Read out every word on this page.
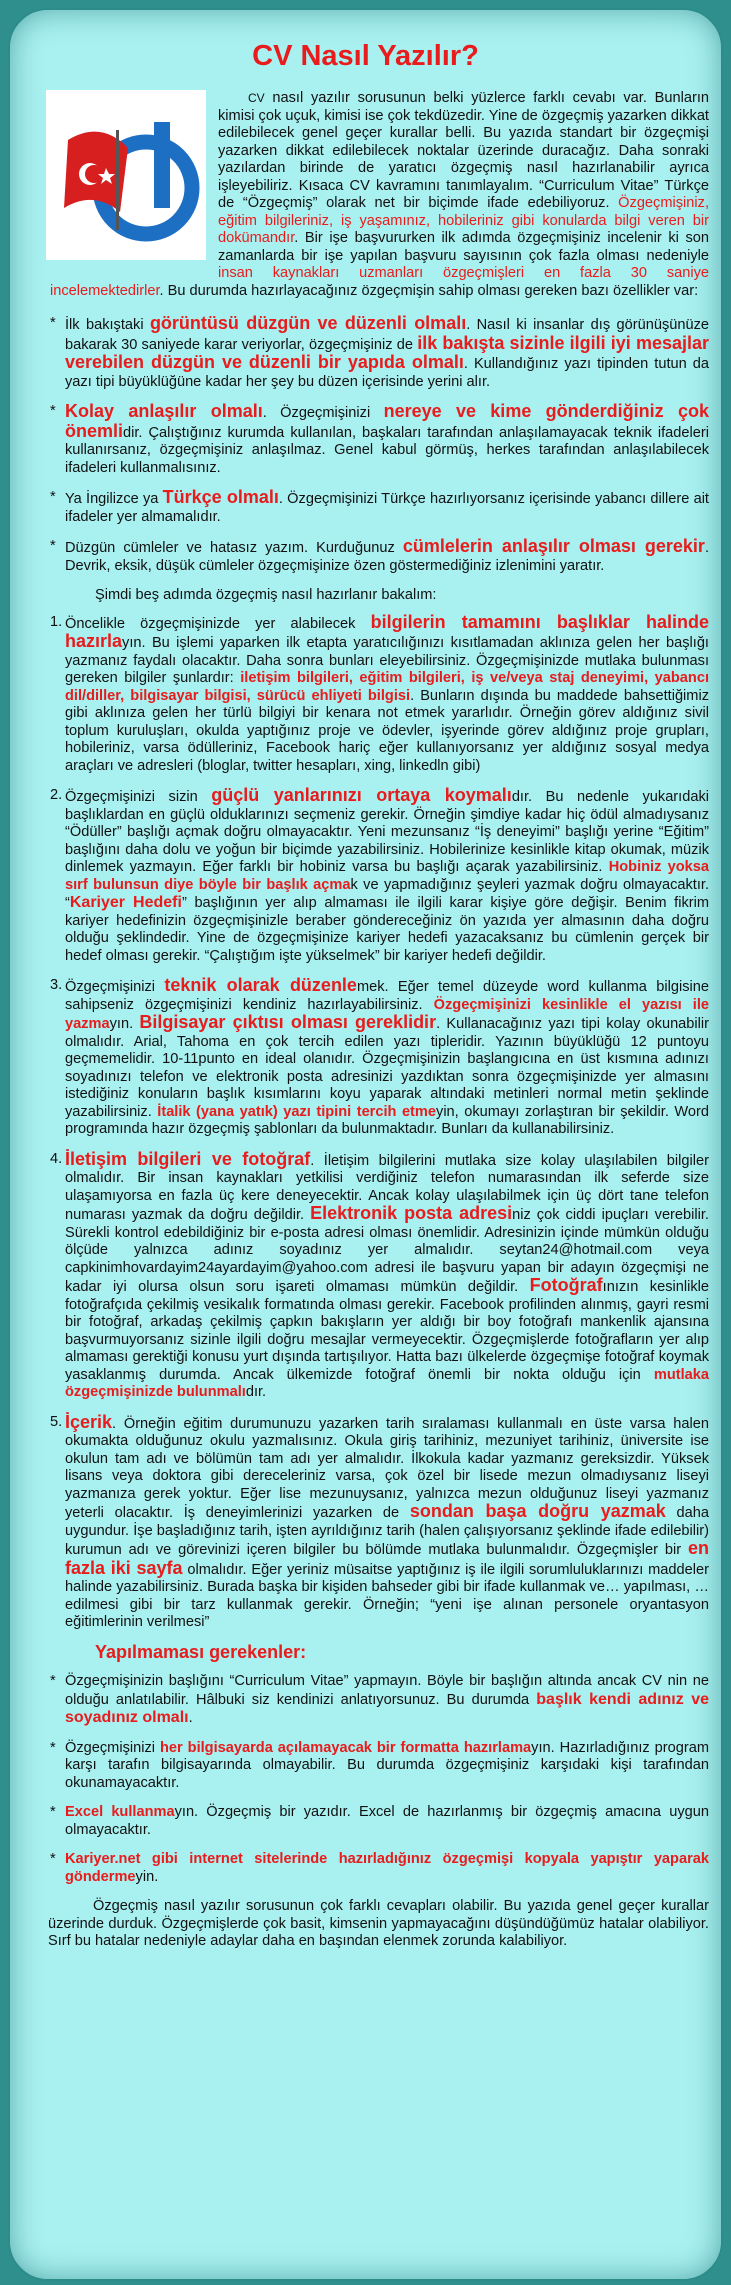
CV Nasıl Yazılır?

CV nasıl yazılır sorusunun belki yüzlerce farklı cevabı var. Bunların kimisi çok uçuk, kimisi ise çok tekdüzedir. Yine de özgeçmiş yazarken dikkat edilebilecek genel geçer kurallar belli. Bu yazıda standart bir özgeçmişi yazarken dikkat edilebilecek noktalar üzerinde duracağız. Daha sonraki yazılardan birinde de yaratıcı özgeçmiş nasıl hazırlanabilir ayrıca işleyebiliriz. Kısaca CV kavramını tanımlayalım. “Curriculum Vitae” Türkçe de “Özgeçmiş” olarak net bir biçimde ifade edebiliyoruz. Özgeçmişiniz, eğitim bilgileriniz, iş yaşamınız, hobileriniz gibi konularda bilgi veren bir dokümandır. Bir işe başvururken ilk adımda özgeçmişiniz incelenir ki son zamanlarda bir işe yapılan başvuru sayısının çok fazla olması nedeniyle insan kaynakları uzmanları özgeçmişleri en fazla 30 saniye incelemektedirler. Bu durumda hazırlayacağınız özgeçmişin sahip olması gereken bazı özellikler var:

* İlk bakıştaki görüntüsü düzgün ve düzenli olmalı. Nasıl ki insanlar dış görünüşünüze bakarak 30 saniyede karar veriyorlar, özgeçmişiniz de ilk bakışta sizinle ilgili iyi mesajlar verebilen düzgün ve düzenli bir yapıda olmalı. Kullandığınız yazı tipinden tutun da yazı tipi büyüklüğüne kadar her şey bu düzen içerisinde yerini alır.
* Kolay anlaşılır olmalı. Özgeçmişinizi nereye ve kime gönderdiğiniz çok önemlidir. Çalıştığınız kurumda kullanılan, başkaları tarafından anlaşılamayacak teknik ifadeleri kullanırsanız, özgeçmişiniz anlaşılmaz. Genel kabul görmüş, herkes tarafından anlaşılabilecek ifadeleri kullanmalısınız.
* Ya İngilizce ya Türkçe olmalı. Özgeçmişinizi Türkçe hazırlıyorsanız içerisinde yabancı dillere ait ifadeler yer almamalıdır.
* Düzgün cümleler ve hatasız yazım. Kurduğunuz cümlelerin anlaşılır olması gerekir. Devrik, eksik, düşük cümleler özgeçmişinize özen göstermediğiniz izlenimini yaratır.

Şimdi beş adımda özgeçmiş nasıl hazırlanır bakalım:

1. Öncelikle özgeçmişinizde yer alabilecek bilgilerin tamamını başlıklar halinde hazırlayın. Bu işlemi yaparken ilk etapta yaratıcılığınızı kısıtlamadan aklınıza gelen her başlığı yazmanız faydalı olacaktır. Daha sonra bunları eleyebilirsiniz. Özgeçmişinizde mutlaka bulunması gereken bilgiler şunlardır: iletişim bilgileri, eğitim bilgileri, iş ve/veya staj deneyimi, yabancı dil/diller, bilgisayar bilgisi, sürücü ehliyeti bilgisi. Bunların dışında bu maddede bahsettiğimiz gibi aklınıza gelen her türlü bilgiyi bir kenara not etmek yararlıdır. Örneğin görev aldığınız sivil toplum kuruluşları, okulda yaptığınız proje ve ödevler, işyerinde görev aldığınız proje grupları, hobileriniz, varsa ödülleriniz, Facebook hariç eğer kullanıyorsanız yer aldığınız sosyal medya araçları ve adresleri (bloglar, twitter hesapları, xing, linkedln gibi)
2. Özgeçmişinizi sizin güçlü yanlarınızı ortaya koymalıdır. Bu nedenle yukarıdaki başlıklardan en güçlü olduklarınızı seçmeniz gerekir. Örneğin şimdiye kadar hiç ödül almadıysanız “Ödüller” başlığı açmak doğru olmayacaktır. Yeni mezunsanız “İş deneyimi” başlığı yerine “Eğitim” başlığını daha dolu ve yoğun bir biçimde yazabilirsiniz. Hobilerinize kesinlikle kitap okumak, müzik dinlemek yazmayın. Eğer farklı bir hobiniz varsa bu başlığı açarak yazabilirsiniz. Hobiniz yoksa sırf bulunsun diye böyle bir başlık açmak ve yapmadığınız şeyleri yazmak doğru olmayacaktır. “Kariyer Hedefi” başlığının yer alıp almaması ile ilgili karar kişiye göre değişir. Benim fikrim kariyer hedefinizin özgeçmişinizle beraber göndereceğiniz ön yazıda yer almasının daha doğru olduğu şeklindedir. Yine de özgeçmişinize kariyer hedefi yazacaksanız bu cümlenin gerçek bir hedef olması gerekir. “Çalıştığım işte yükselmek” bir kariyer hedefi değildir.
3. Özgeçmişinizi teknik olarak düzenlemek. Eğer temel düzeyde word kullanma bilgisine sahipseniz özgeçmişinizi kendiniz hazırlayabilirsiniz. Özgeçmişinizi kesinlikle el yazısı ile yazmayın. Bilgisayar çıktısı olması gereklidir. Kullanacağınız yazı tipi kolay okunabilir olmalıdır. Arial, Tahoma en çok tercih edilen yazı tipleridir. Yazının büyüklüğü 12 puntoyu geçmemelidir. 10-11punto en ideal olanıdır. Özgeçmişinizin başlangıcına en üst kısmına adınızı soyadınızı telefon ve elektronik posta adresinizi yazdıktan sonra özgeçmişinizde yer almasını istediğiniz konuların başlık kısımlarını koyu yaparak altındaki metinleri normal metin şeklinde yazabilirsiniz. İtalik (yana yatık) yazı tipini tercih etmeyin, okumayı zorlaştıran bir şekildir. Word programında hazır özgeçmiş şablonları da bulunmaktadır. Bunları da kullanabilirsiniz.
4. İletişim bilgileri ve fotoğraf. İletişim bilgilerini mutlaka size kolay ulaşılabilen bilgiler olmalıdır. Bir insan kaynakları yetkilisi verdiğiniz telefon numarasından ilk seferde size ulaşamıyorsa en fazla üç kere deneyecektir. Ancak kolay ulaşılabilmek için üç dört tane telefon numarası yazmak da doğru değildir. Elektronik posta adresiniz çok ciddi ipuçları verebilir. Sürekli kontrol edebildiğiniz bir e-posta adresi olması önemlidir. Adresinizin içinde mümkün olduğu ölçüde yalnızca adınız soyadınız yer almalıdır. seytan24@hotmail.com veya capkinimhovardayim24ayardayim@yahoo.com adresi ile başvuru yapan bir adayın özgeçmişi ne kadar iyi olursa olsun soru işareti olmaması mümkün değildir. Fotoğrafınızın kesinlikle fotoğrafçıda çekilmiş vesikalık formatında olması gerekir. Facebook profilinden alınmış, gayri resmi bir fotoğraf, arkadaş çekilmiş çapkın bakışların yer aldığı bir boy fotoğrafı mankenlik ajansına başvurmuyorsanız sizinle ilgili doğru mesajlar vermeyecektir. Özgeçmişlerde fotoğrafların yer alıp almaması gerektiği konusu yurt dışında tartışılıyor. Hatta bazı ülkelerde özgeçmişe fotoğraf koymak yasaklanmış durumda. Ancak ülkemizde fotoğraf önemli bir nokta olduğu için mutlaka özgeçmişinizde bulunmalıdır.
5. İçerik. Örneğin eğitim durumunuzu yazarken tarih sıralaması kullanmalı en üste varsa halen okumakta olduğunuz okulu yazmalısınız. Okula giriş tarihiniz, mezuniyet tarihiniz, üniversite ise okulun tam adı ve bölümün tam adı yer almalıdır. İlkokula kadar yazmanız gereksizdir. Yüksek lisans veya doktora gibi dereceleriniz varsa, çok özel bir lisede mezun olmadıysanız liseyi yazmanıza gerek yoktur. Eğer lise mezunuysanız, yalnızca mezun olduğunuz liseyi yazmanız yeterli olacaktır. İş deneyimlerinizi yazarken de sondan başa doğru yazmak daha uygundur. İşe başladığınız tarih, işten ayrıldığınız tarih (halen çalışıyorsanız şeklinde ifade edilebilir) kurumun adı ve görevinizi içeren bilgiler bu bölümde mutlaka bulunmalıdır. Özgeçmişler bir en fazla iki sayfa olmalıdır. Eğer yeriniz müsaitse yaptığınız iş ile ilgili sorumluluklarınızı maddeler halinde yazabilirsiniz. Burada başka bir kişiden bahseder gibi bir ifade kullanmak ve… yapılması, …edilmesi gibi bir tarz kullanmak gerekir. Örneğin; “yeni işe alınan personele oryantasyon eğitimlerinin verilmesi”
Yapılmaması gerekenler:
* Özgeçmişinizin başlığını “Curriculum Vitae” yapmayın. Böyle bir başlığın altında ancak CV nin ne olduğu anlatılabilir. Hâlbuki siz kendinizi anlatıyorsunuz. Bu durumda başlık kendi adınız ve soyadınız olmalı.
* Özgeçmişinizi her bilgisayarda açılamayacak bir formatta hazırlamayın. Hazırladığınız program karşı tarafın bilgisayarında olmayabilir. Bu durumda özgeçmişiniz karşıdaki kişi tarafından okunamayacaktır.
* Excel kullanmayın. Özgeçmiş bir yazıdır. Excel de hazırlanmış bir özgeçmiş amacına uygun olmayacaktır.
* Kariyer.net gibi internet sitelerinde hazırladığınız özgeçmişi kopyala yapıştır yaparak göndermeyin.

Özgeçmiş nasıl yazılır sorusunun çok farklı cevapları olabilir. Bu yazıda genel geçer kurallar üzerinde durduk. Özgeçmişlerde çok basit, kimsenin yapmayacağını düşündüğümüz hatalar olabiliyor. Sırf bu hatalar nedeniyle adaylar daha en başından elenmek zorunda kalabiliyor.
